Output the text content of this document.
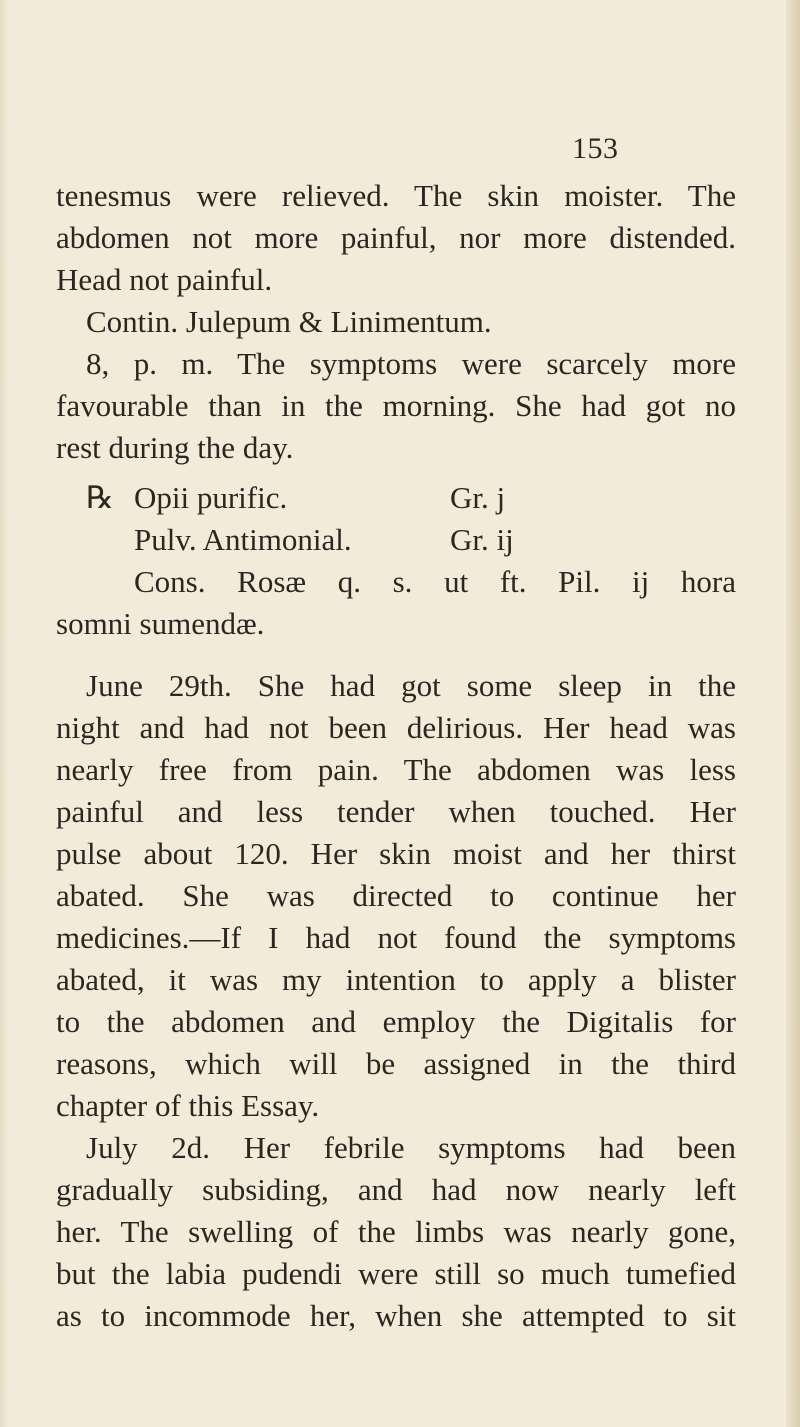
153
tenesmus were relieved. The skin moister. The
abdomen not more painful, nor more distended.
Head not painful.
Contin. Julepum & Linimentum.
8, p. m. The symptoms were scarcely more
favourable than in the morning. She had got no
rest during the day.
℞ Opii purific.	Gr. j
Pulv. Antimonial.	Gr. ij
Cons. Rosæ q. s. ut ft. Pil. ij hora
somni sumendæ.
June 29th. She had got some sleep in the
night and had not been delirious. Her head was
nearly free from pain. The abdomen was less
painful and less tender when touched. Her
pulse about 120. Her skin moist and her thirst
abated. She was directed to continue her
medicines.—If I had not found the symptoms
abated, it was my intention to apply a blister
to the abdomen and employ the Digitalis for
reasons, which will be assigned in the third
chapter of this Essay.
July 2d. Her febrile symptoms had been
gradually subsiding, and had now nearly left
her. The swelling of the limbs was nearly gone,
but the labia pudendi were still so much tumefied
as to incommode her, when she attempted to sit
